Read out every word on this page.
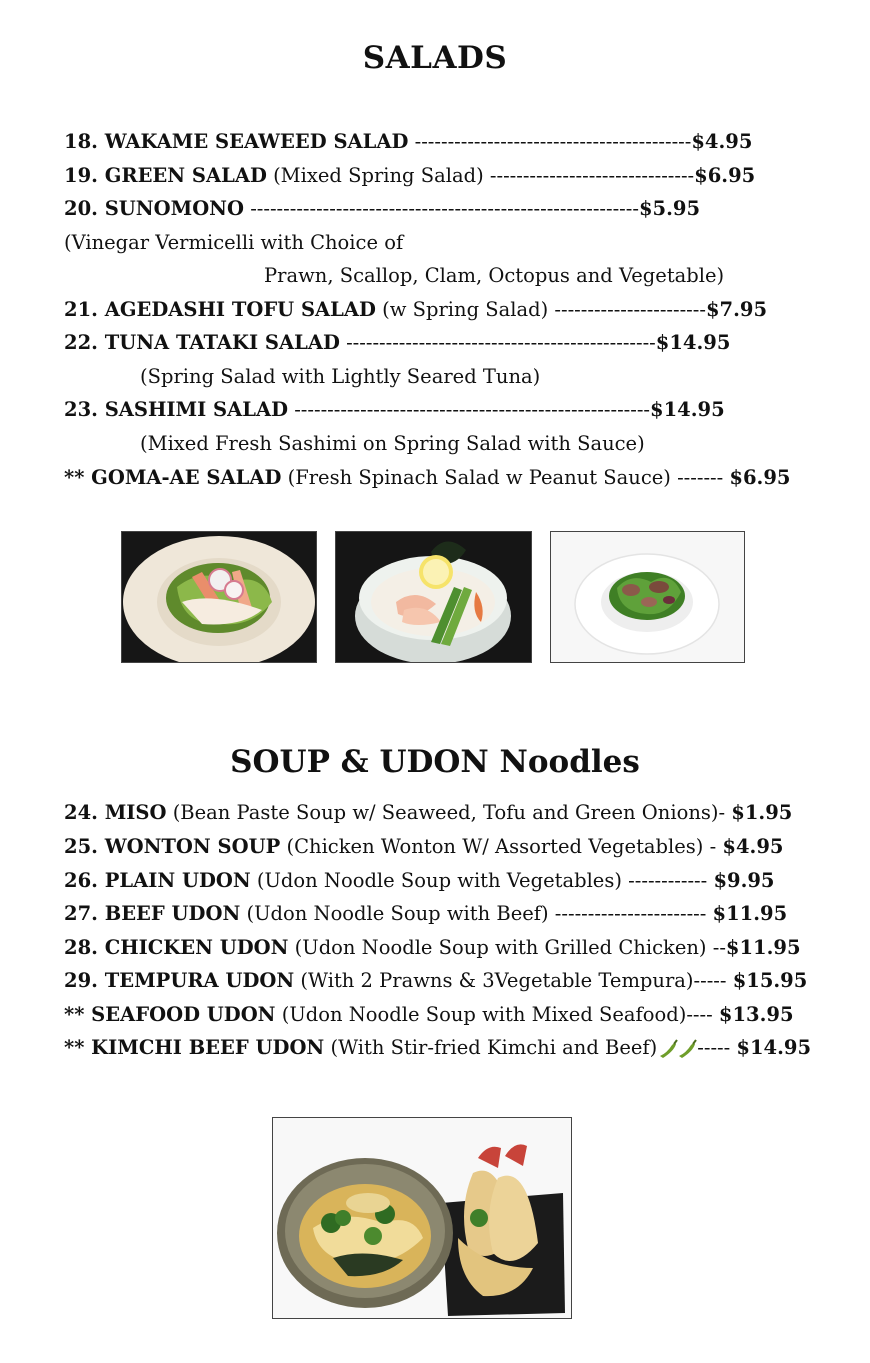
SALADS
18. WAKAME SEAWEED SALAD ------------------------------------------$4.95
19. GREEN SALAD (Mixed Spring Salad) -------------------------------$6.95
20. SUNOMONO -----------------------------------------------------------$5.95
(Vinegar Vermicelli with Choice of
Prawn, Scallop, Clam, Octopus and Vegetable)
21. AGEDASHI TOFU SALAD (w Spring Salad) -----------------------$7.95
22. TUNA TATAKI SALAD -----------------------------------------------$14.95
(Spring Salad with Lightly Seared Tuna)
23. SASHIMI SALAD ------------------------------------------------------$14.95
(Mixed Fresh Sashimi on Spring Salad with Sauce)
** GOMA-AE SALAD (Fresh Spinach Salad w Peanut Sauce) ------- $6.95
SOUP & UDON Noodles
24. MISO (Bean Paste Soup w/ Seaweed, Tofu and Green Onions)- $1.95
25. WONTON SOUP (Chicken Wonton W/ Assorted Vegetables) - $4.95
26. PLAIN UDON (Udon Noodle Soup with Vegetables) ------------ $9.95
27. BEEF UDON (Udon Noodle Soup with Beef) ----------------------- $11.95
28. CHICKEN UDON (Udon Noodle Soup with Grilled Chicken) --$11.95
29. TEMPURA UDON (With 2 Prawns & 3Vegetable Tempura)----- $15.95
** SEAFOOD UDON (Udon Noodle Soup with Mixed Seafood)---- $13.95
** KIMCHI BEEF UDON (With Stir-fried Kimchi and Beef) ----- $14.95
